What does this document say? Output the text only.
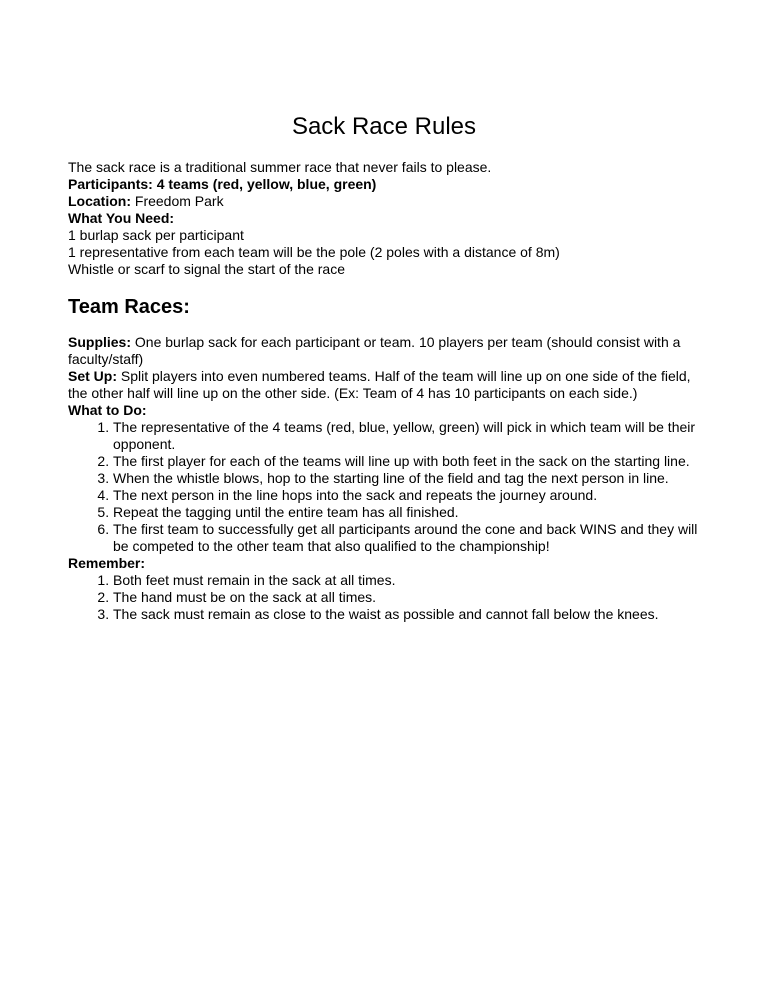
Sack Race Rules

The sack race is a traditional summer race that never fails to please.

Participants: 4 teams (red, yellow, blue, green)

Location: Freedom Park

What You Need:

1 burlap sack per participant

1 representative from each team will be the pole (2 poles with a distance of 8m)

Whistle or scarf to signal the start of the race

Team Races:

Supplies: One burlap sack for each participant or team. 10 players per team (should consist with a faculty/staff)

Set Up: Split players into even numbered teams. Half of the team will line up on one side of the field, the other half will line up on the other side. (Ex: Team of 4 has 10 participants on each side.)

What to Do:

1. The representative of the 4 teams (red, blue, yellow, green) will pick in which team will be their opponent.
2. The first player for each of the teams will line up with both feet in the sack on the starting line.
3. When the whistle blows, hop to the starting line of the field and tag the next person in line.
4. The next person in the line hops into the sack and repeats the journey around.
5. Repeat the tagging until the entire team has all finished.
6. The first team to successfully get all participants around the cone and back WINS and they will be competed to the other team that also qualified to the championship!

Remember:

1. Both feet must remain in the sack at all times.
2. The hand must be on the sack at all times.
3. The sack must remain as close to the waist as possible and cannot fall below the knees.
